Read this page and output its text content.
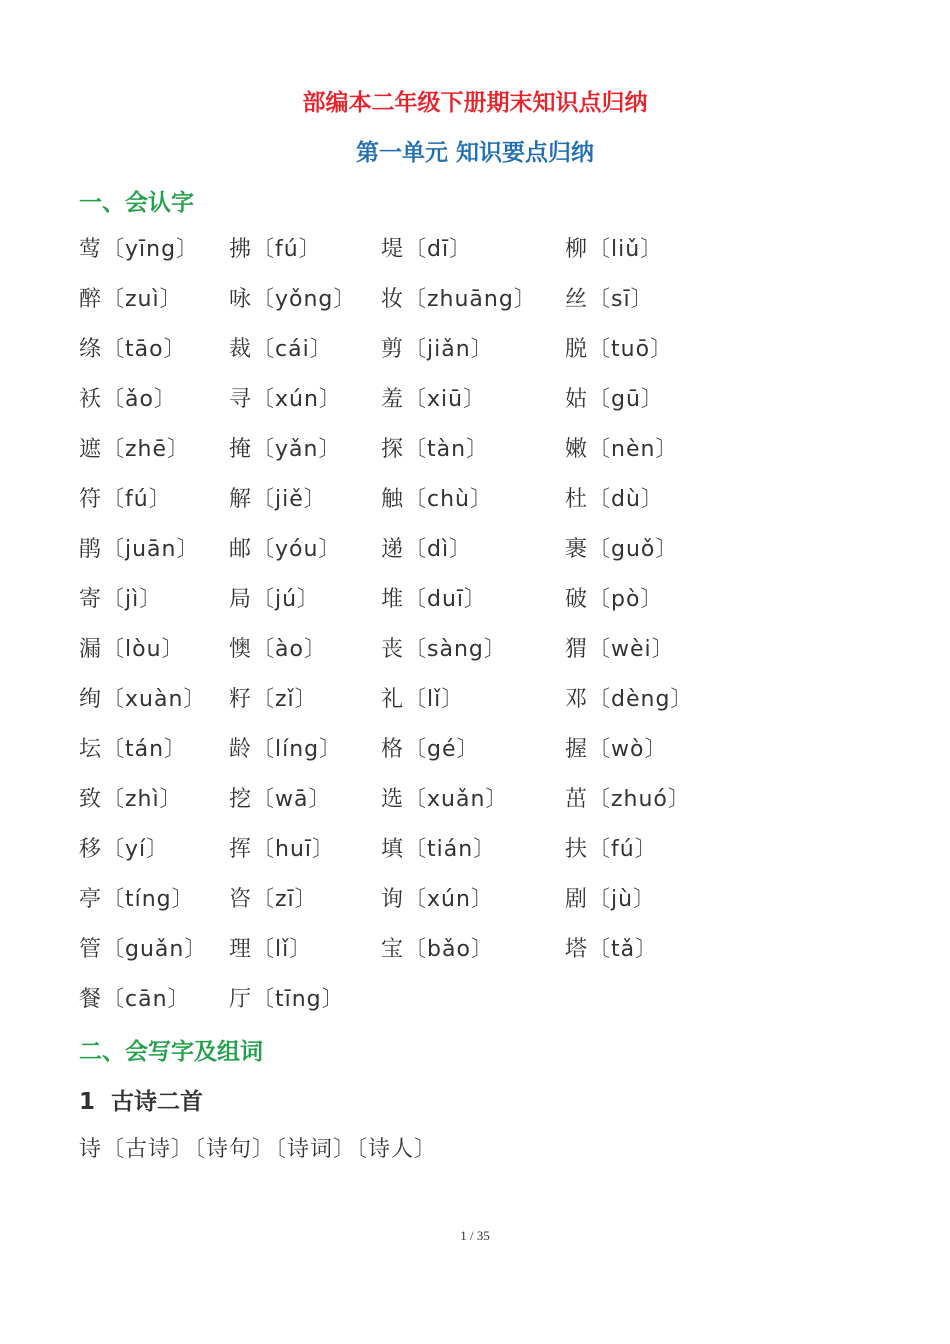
部编本二年级下册期末知识点归纳
第一单元 知识要点归纳
一、会认字
莺〔yīng〕 拂〔fú〕	堤〔dī〕	柳〔liǔ〕
醉〔zuì〕 咏〔yǒng〕 妆〔zhuāng〕 丝〔sī〕
绦〔tāo〕 裁〔cái〕 剪〔jiǎn〕	脱〔tuō〕
袄〔ǎo〕 寻〔xún〕 羞〔xiū〕	姑〔gū〕
遮〔zhē〕 掩〔yǎn〕 探〔tàn〕	嫩〔nèn〕
符〔fú〕	解〔jiě〕 触〔chù〕	杜〔dù〕
鹃〔juān〕 邮〔yóu〕 递〔dì〕	裹〔guǒ〕
寄〔jì〕	局〔jú〕	堆〔duī〕	破〔pò〕
漏〔lòu〕 懊〔ào〕 丧〔sàng〕	猬〔wèi〕
绚〔xuàn〕 籽〔zǐ〕	礼〔lǐ〕	邓〔dèng〕
坛〔tán〕 龄〔líng〕 格〔gé〕	握〔wò〕
致〔zhì〕 挖〔wā〕 选〔xuǎn〕	茁〔zhuó〕
移〔yí〕	挥〔huī〕 填〔tián〕	扶〔fú〕
亭〔tíng〕 咨〔zī〕	询〔xún〕	剧〔jù〕
管〔guǎn〕 理〔lǐ〕	宝〔bǎo〕	塔〔tǎ〕
餐〔cān〕 厅〔tīng〕
二、会写字及组词
1 古诗二首
诗〔古诗〕〔诗句〕〔诗词〕〔诗人〕
1 / 35
